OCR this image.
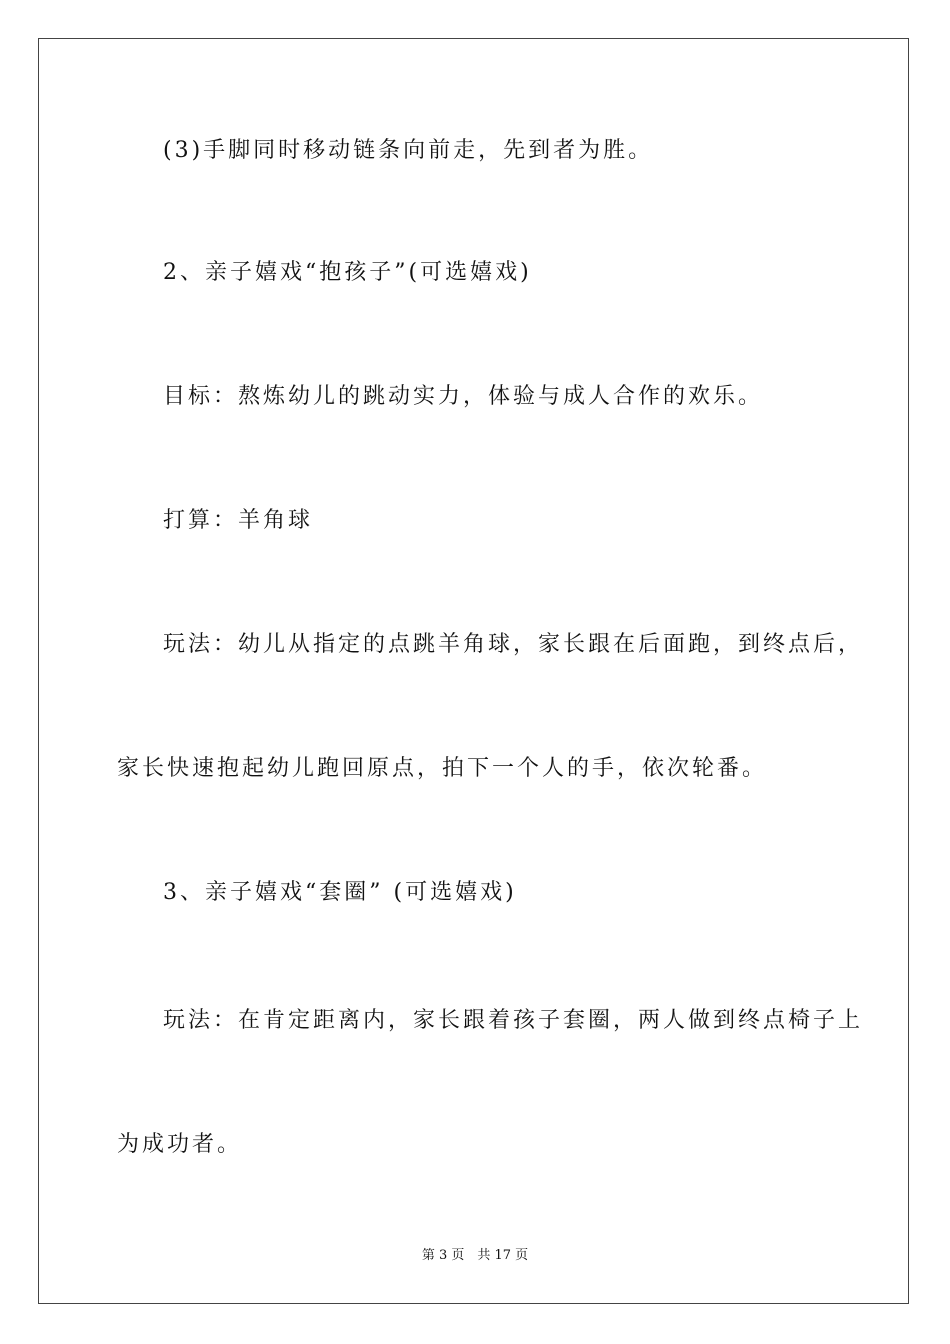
(3)手脚同时移动链条向前走，先到者为胜。
2、亲子嬉戏“抱孩子”(可选嬉戏)
目标：熬炼幼儿的跳动实力，体验与成人合作的欢乐。
打算：羊角球
玩法：幼儿从指定的点跳羊角球，家长跟在后面跑，到终点后，
家长快速抱起幼儿跑回原点，拍下一个人的手，依次轮番。
3、亲子嬉戏“套圈” (可选嬉戏)
玩法：在肯定距离内，家长跟着孩子套圈，两人做到终点椅子上
为成功者。
第 3 页　共 17 页
